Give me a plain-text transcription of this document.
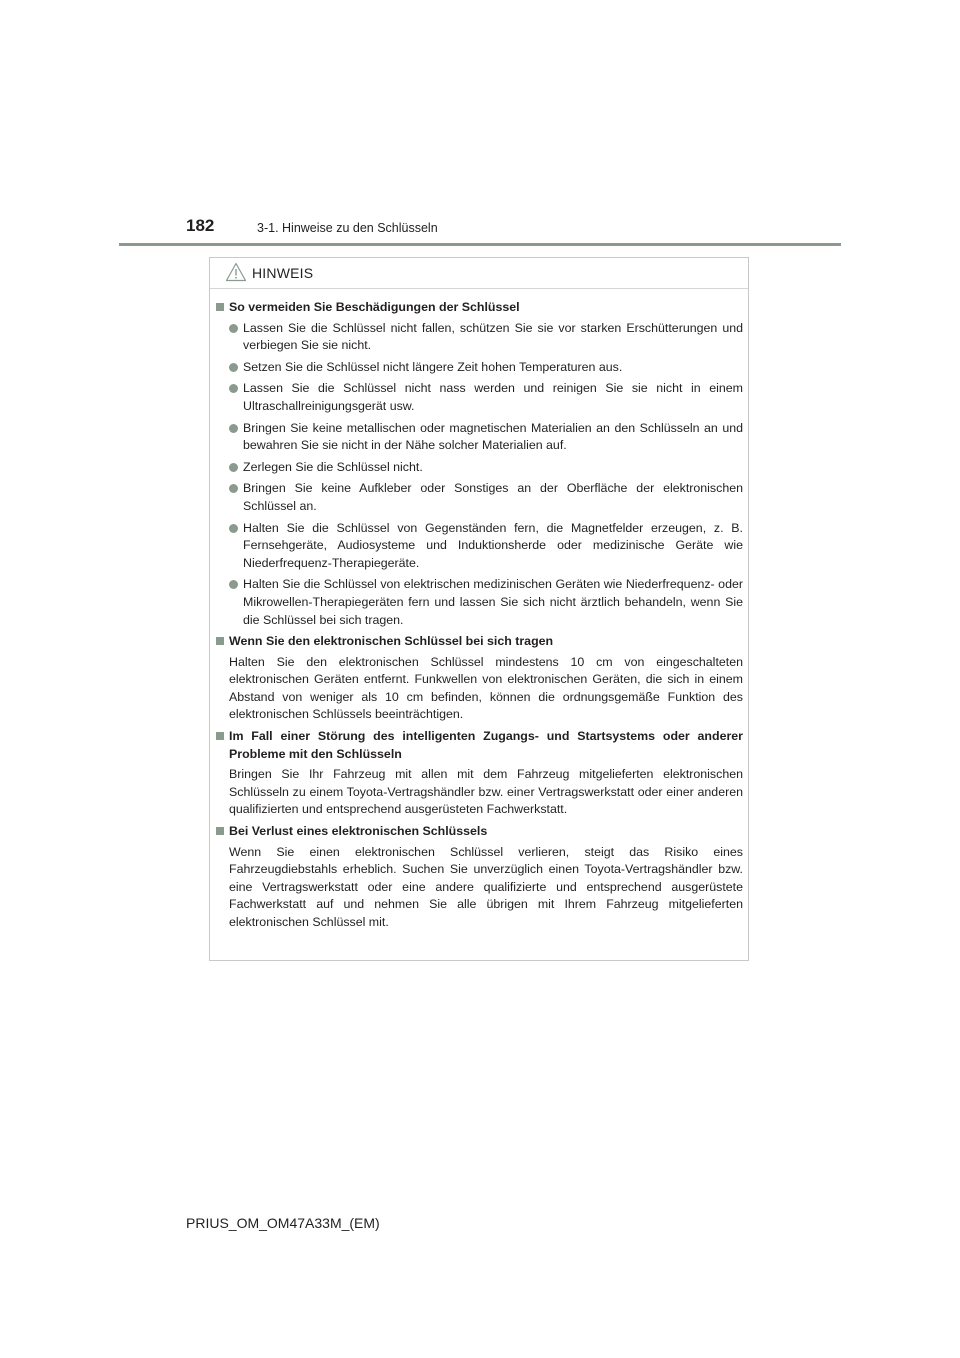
182	3-1. Hinweise zu den Schlüsseln
HINWEIS
So vermeiden Sie Beschädigungen der Schlüssel
Lassen Sie die Schlüssel nicht fallen, schützen Sie sie vor starken Erschütterungen und verbiegen Sie sie nicht.
Setzen Sie die Schlüssel nicht längere Zeit hohen Temperaturen aus.
Lassen Sie die Schlüssel nicht nass werden und reinigen Sie sie nicht in einem Ultraschallreinigungsgerät usw.
Bringen Sie keine metallischen oder magnetischen Materialien an den Schlüsseln an und bewahren Sie sie nicht in der Nähe solcher Materialien auf.
Zerlegen Sie die Schlüssel nicht.
Bringen Sie keine Aufkleber oder Sonstiges an der Oberfläche der elektronischen Schlüssel an.
Halten Sie die Schlüssel von Gegenständen fern, die Magnetfelder erzeugen, z. B. Fernsehgeräte, Audiosysteme und Induktionsherde oder medizinische Geräte wie Niederfrequenz-Therapiegeräte.
Halten Sie die Schlüssel von elektrischen medizinischen Geräten wie Niederfrequenz- oder Mikrowellen-Therapiegeräten fern und lassen Sie sich nicht ärztlich behandeln, wenn Sie die Schlüssel bei sich tragen.
Wenn Sie den elektronischen Schlüssel bei sich tragen
Halten Sie den elektronischen Schlüssel mindestens 10 cm von eingeschalteten elektronischen Geräten entfernt. Funkwellen von elektronischen Geräten, die sich in einem Abstand von weniger als 10 cm befinden, können die ordnungsgemäße Funktion des elektronischen Schlüssels beeinträchtigen.
Im Fall einer Störung des intelligenten Zugangs- und Startsystems oder anderer Probleme mit den Schlüsseln
Bringen Sie Ihr Fahrzeug mit allen mit dem Fahrzeug mitgelieferten elektronischen Schlüsseln zu einem Toyota-Vertragshändler bzw. einer Vertragswerkstatt oder einer anderen qualifizierten und entsprechend ausgerüsteten Fachwerkstatt.
Bei Verlust eines elektronischen Schlüssels
Wenn Sie einen elektronischen Schlüssel verlieren, steigt das Risiko eines Fahrzeugdiebstahls erheblich. Suchen Sie unverzüglich einen Toyota-Vertragshändler bzw. eine Vertragswerkstatt oder eine andere qualifizierte und entsprechend ausgerüstete Fachwerkstatt auf und nehmen Sie alle übrigen mit Ihrem Fahrzeug mitgelieferten elektronischen Schlüssel mit.
PRIUS_OM_OM47A33M_(EM)
